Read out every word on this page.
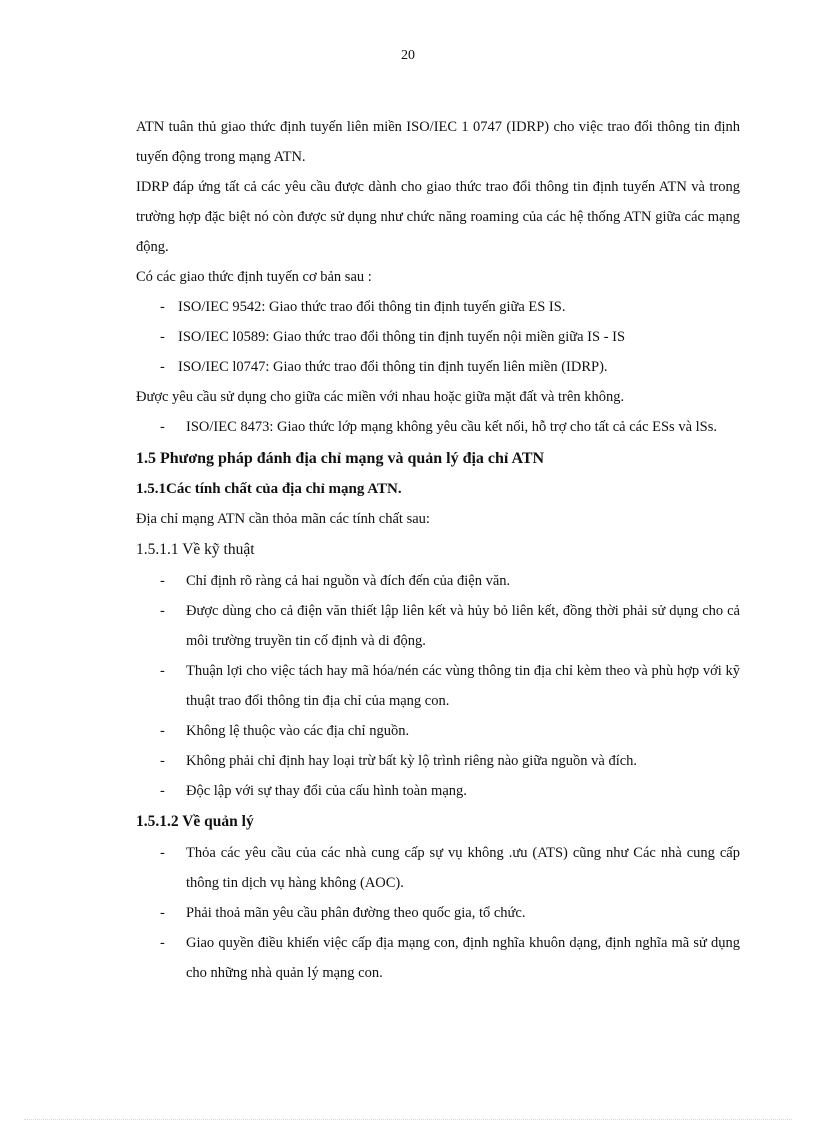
20
ATN tuân thủ giao thức định tuyến liên miền ISO/IEC 1 0747 (IDRP) cho việc trao đổi thông tin định tuyến động trong mạng ATN.
IDRP đáp ứng tất cả các yêu cầu được dành cho giao thức trao đổi thông tin định tuyến ATN và trong trường hợp đặc biệt nó còn được sử dụng như chức năng roaming của các hệ thống ATN giữa các mạng động.
Có các giao thức định tuyến cơ bản sau :
- ISO/IEC 9542: Giao thức trao đổi thông tin định tuyến giữa ES IS.
- ISO/IEC l0589: Giao thức trao đổi thông tin định tuyến nội miền giữa IS - IS
- ISO/IEC l0747: Giao thức trao đổi thông tin định tuyến liên miền (IDRP).
Được yêu cầu sử dụng cho giữa các miền với nhau hoặc giữa mặt đất và trên không.
- ISO/IEC 8473: Giao thức lớp mạng không yêu cầu kết nối, hỗ trợ cho tất cả các ESs và lSs.
1.5 Phương pháp đánh địa chỉ mạng và quản lý địa chỉ ATN
1.5.1Các tính chất của địa chỉ mạng ATN.
Địa chỉ mạng ATN cần thỏa mãn các tính chất sau:
1.5.1.1 Về kỹ thuật
- Chỉ định rõ ràng cả hai nguồn và đích đến của điện văn.
- Được dùng cho cả điện văn thiết lập liên kết và hủy bỏ liên kết, đồng thời phải sử dụng cho cả môi trường truyền tin cố định và di động.
- Thuận lợi cho việc tách hay mã hóa/nén các vùng thông tin địa chỉ kèm theo và phù hợp với kỹ thuật trao đổi thông tin địa chỉ của mạng con.
- Không lệ thuộc vào các địa chỉ nguồn.
- Không phải chỉ định hay loại trừ bất kỳ lộ trình riêng nào giữa nguồn và đích.
- Độc lập với sự thay đổi của cấu hình toàn mạng.
1.5.1.2 Về quản lý
- Thỏa các yêu cầu của các nhà cung cấp sự vụ không .ưu (ATS) cũng như Các nhà cung cấp thông tin dịch vụ hàng không (AOC).
- Phải thoả mãn yêu cầu phân đường theo quốc gia, tổ chức.
- Giao quyền điều khiển việc cấp địa mạng con, định nghĩa khuôn dạng, định nghĩa mã sử dụng cho những nhà quản lý mạng con.
